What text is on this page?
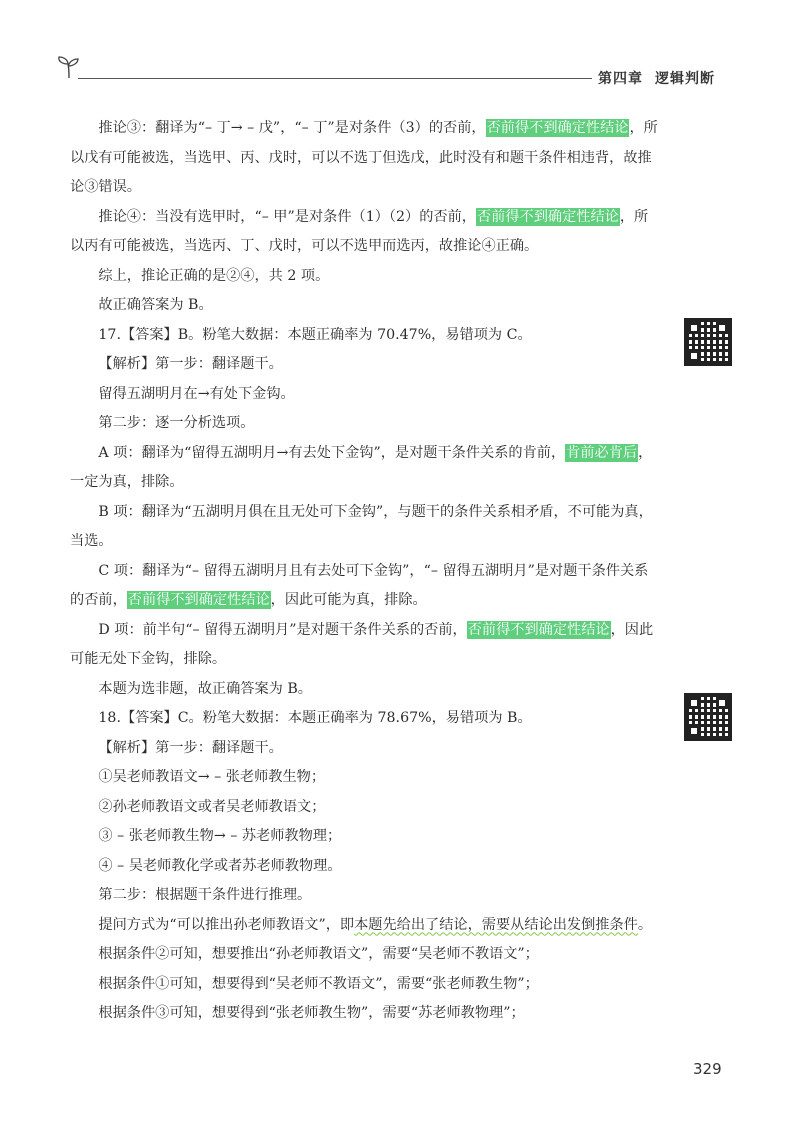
第四章 逻辑判断

推论③：翻译为“– 丁→ – 戊”，“– 丁”是对条件（3）的否前，否前得不到确定性结论，所以戊有可能被选，当选甲、丙、戊时，可以不选丁但选戊，此时没有和题干条件相违背，故推论③错误。

推论④：当没有选甲时，“– 甲”是对条件（1）（2）的否前，否前得不到确定性结论，所以丙有可能被选，当选丙、丁、戊时，可以不选甲而选丙，故推论④正确。

综上，推论正确的是②④，共 2 项。

故正确答案为 B。

17.【答案】B。粉笔大数据：本题正确率为 70.47%，易错项为 C。

【解析】第一步：翻译题干。

留得五湖明月在→有处下金钩。

第二步：逐一分析选项。

A 项：翻译为“留得五湖明月→有去处下金钩”，是对题干条件关系的肯前，肯前必肯后，一定为真，排除。

B 项：翻译为“五湖明月俱在且无处可下金钩”，与题干的条件关系相矛盾，不可能为真，当选。

C 项：翻译为“– 留得五湖明月且有去处可下金钩”，“– 留得五湖明月”是对题干条件关系的否前，否前得不到确定性结论，因此可能为真，排除。

D 项：前半句“– 留得五湖明月”是对题干条件关系的否前，否前得不到确定性结论，因此可能无处下金钩，排除。

本题为选非题，故正确答案为 B。

18.【答案】C。粉笔大数据：本题正确率为 78.67%，易错项为 B。

【解析】第一步：翻译题干。

①吴老师教语文→ – 张老师教生物；

②孙老师教语文或者吴老师教语文；

③ – 张老师教生物→ – 苏老师教物理；

④ – 吴老师教化学或者苏老师教物理。

第二步：根据题干条件进行推理。

提问方式为“可以推出孙老师教语文”，即本题先给出了结论，需要从结论出发倒推条件。

根据条件②可知，想要推出“孙老师教语文”，需要“吴老师不教语文”；

根据条件①可知，想要得到“吴老师不教语文”，需要“张老师教生物”；

根据条件③可知，想要得到“张老师教生物”，需要“苏老师教物理”；

329
